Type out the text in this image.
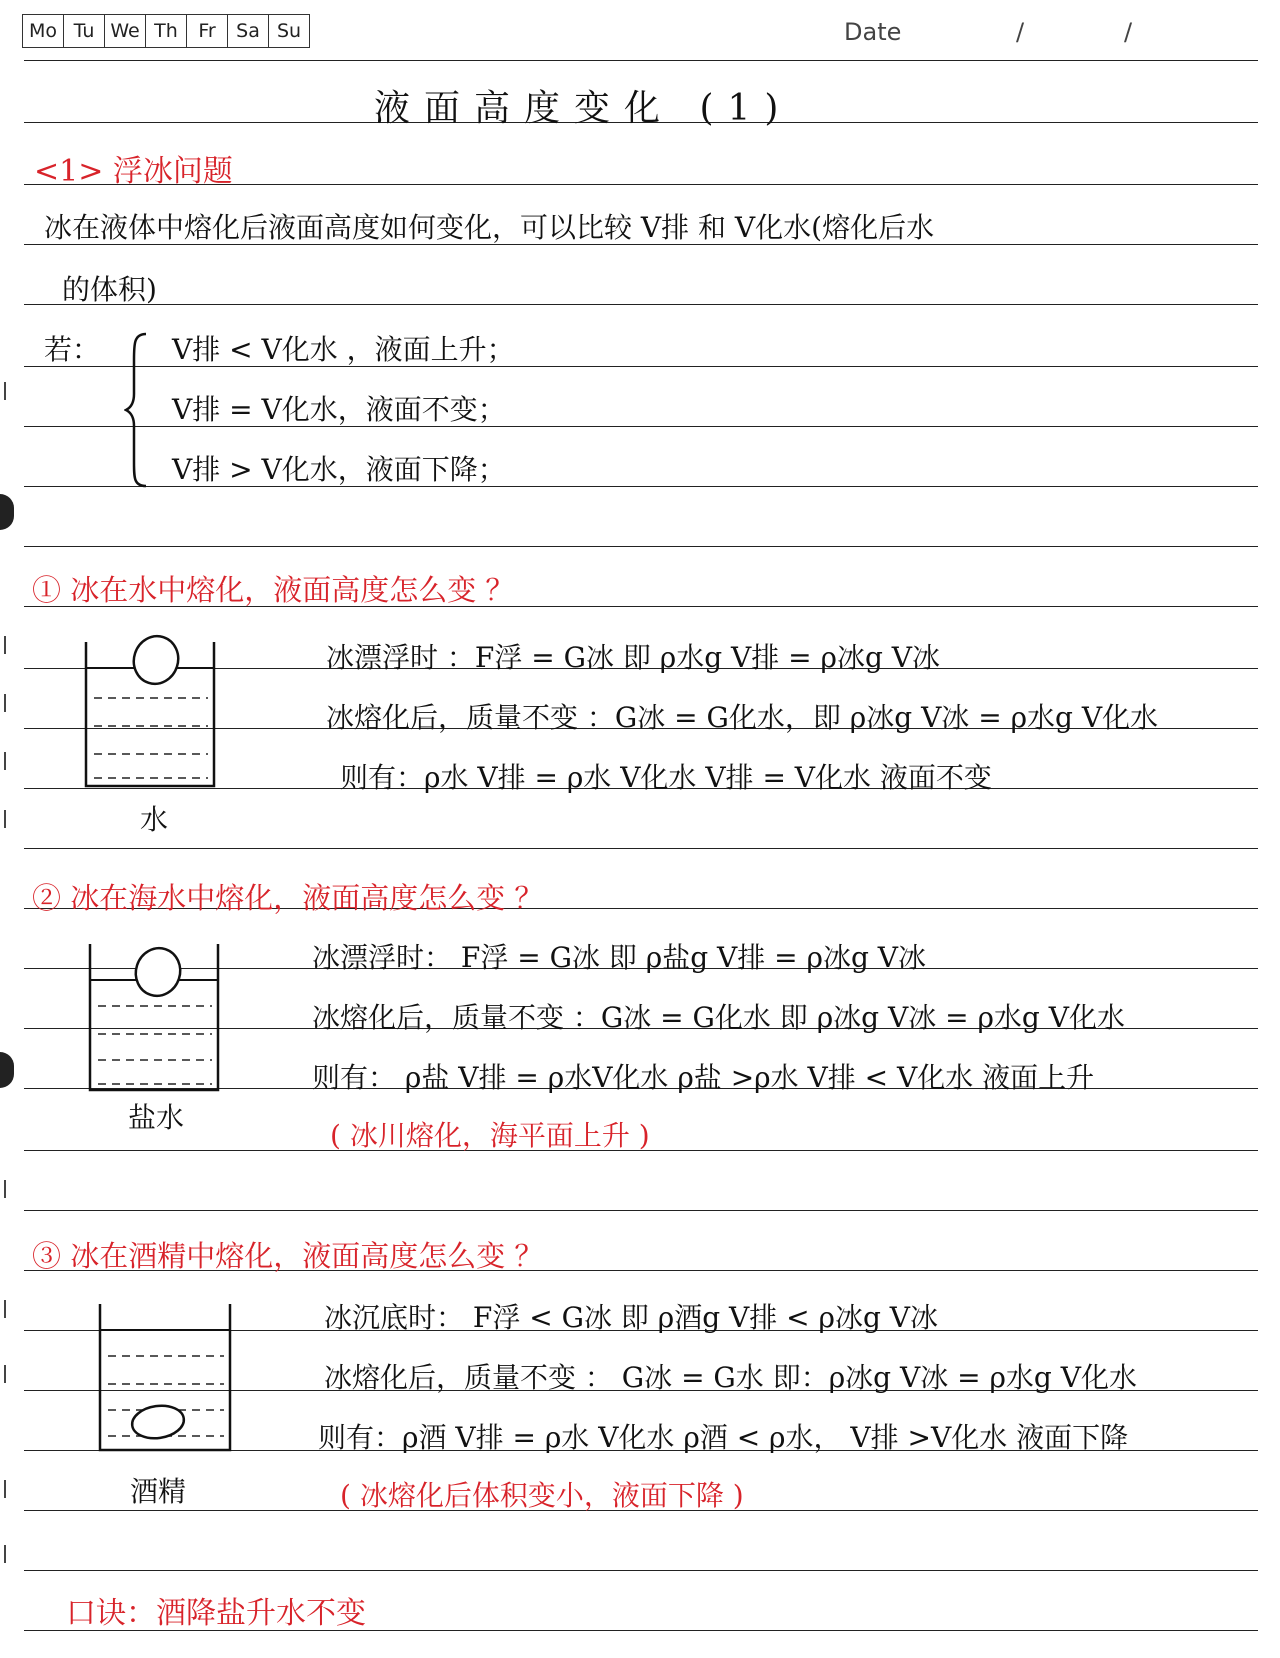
Mo Tu We Th	Fr	Sa Su	Date	/	/
液面高度变化 (1)
<1> 浮冰问题
冰在液体中熔化后液面高度如何变化，可以比较 V排 和 V化水(熔化后水
的体积)
若：	V排 < V化水 ，液面上升；
V排 = V化水，液面不变；
V排 > V化水，液面下降；
① 冰在水中熔化，液面高度怎么变 ？
水
冰漂浮时 ：F浮 = G冰 即 ρ水g V排 = ρ冰g V冰
冰熔化后，质量不变 ：G冰 = G化水，即 ρ冰g V冰 = ρ水g V化水
则有：ρ水 V排 = ρ水 V化水 V排 = V化水 液面不变
② 冰在海水中熔化，液面高度怎么变 ？
盐水
冰漂浮时： F浮 = G冰 即 ρ盐g V排 = ρ冰g V冰
冰熔化后，质量不变 ：G冰 = G化水 即 ρ冰g V冰 = ρ水g V化水
则有： ρ盐 V排 = ρ水V化水 ρ盐 >ρ水 V排 < V化水 液面上升
( 冰川熔化，海平面上升 )
③ 冰在酒精中熔化，液面高度怎么变 ？
酒精
冰沉底时： F浮 < G冰 即 ρ酒g V排 < ρ冰g V冰
冰熔化后，质量不变 ： G冰 = G水 即：ρ冰g V冰 = ρ水g V化水
则有：ρ酒 V排 = ρ水 V化水 ρ酒 < ρ水， V排 >V化水 液面下降
( 冰熔化后体积变小，液面下降 )
口诀：酒降盐升水不变
